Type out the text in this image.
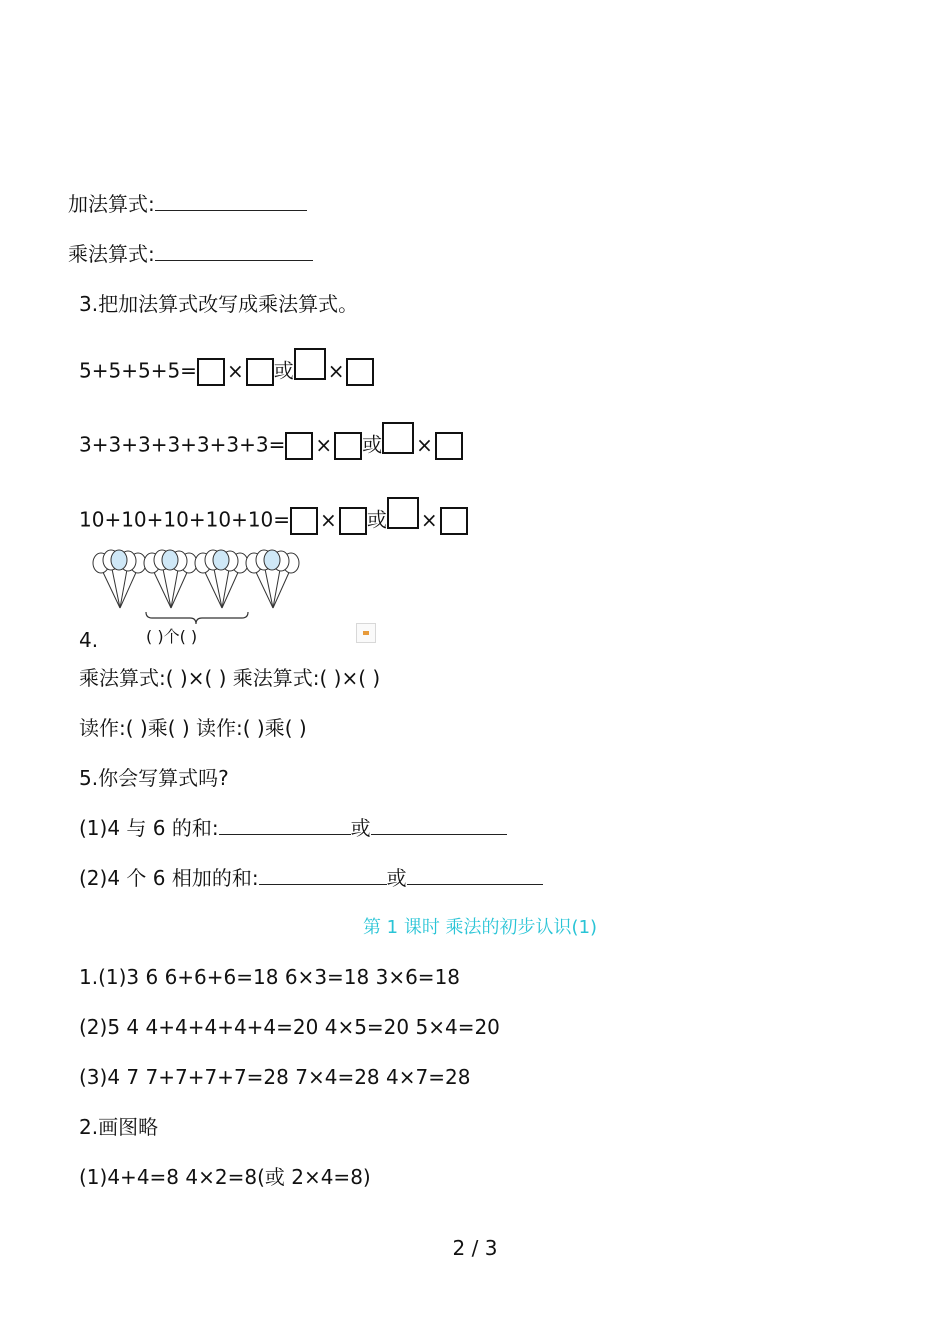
加法算式:
乘法算式:
3.把加法算式改写成乘法算式。
5+5+5+5= × 或 ×
3+3+3+3+3+3+3= × 或 ×
10+10+10+10+10= × 或 ×
4.	( )个( )
乘法算式:( )×( ) 乘法算式:( )×( )
读作:( )乘( ) 读作:( )乘( )
5.你会写算式吗?
(1)4 与 6 的和:	或
(2)4 个 6 相加的和:	或
第 1 课时 乘法的初步认识(1)
1.(1)3 6 6+6+6=18 6×3=18 3×6=18
(2)5 4 4+4+4+4+4=20 4×5=20 5×4=20
(3)4 7 7+7+7+7=28 7×4=28 4×7=28
2.画图略
(1)4+4=8 4×2=8(或 2×4=8)
2 / 3
